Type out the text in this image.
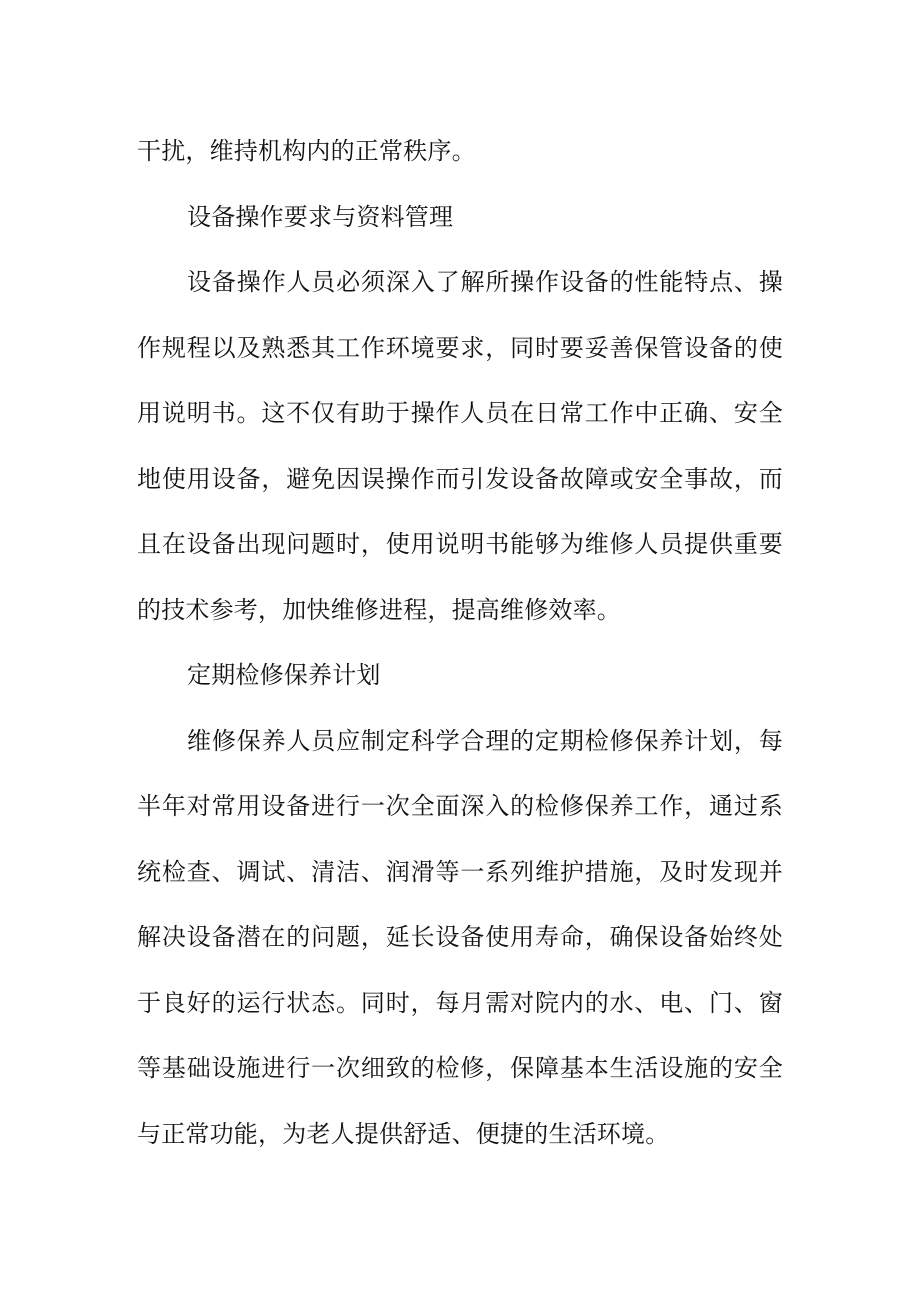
干扰，维持机构内的正常秩序。
设备操作要求与资料管理
设备操作人员必须深入了解所操作设备的性能特点、操
作规程以及熟悉其工作环境要求，同时要妥善保管设备的使
用说明书。这不仅有助于操作人员在日常工作中正确、安全
地使用设备，避免因误操作而引发设备故障或安全事故，而
且在设备出现问题时，使用说明书能够为维修人员提供重要
的技术参考，加快维修进程，提高维修效率。
定期检修保养计划
维修保养人员应制定科学合理的定期检修保养计划，每
半年对常用设备进行一次全面深入的检修保养工作，通过系
统检查、调试、清洁、润滑等一系列维护措施，及时发现并
解决设备潜在的问题，延长设备使用寿命，确保设备始终处
于良好的运行状态。同时，每月需对院内的水、电、门、窗
等基础设施进行一次细致的检修，保障基本生活设施的安全
与正常功能，为老人提供舒适、便捷的生活环境。
